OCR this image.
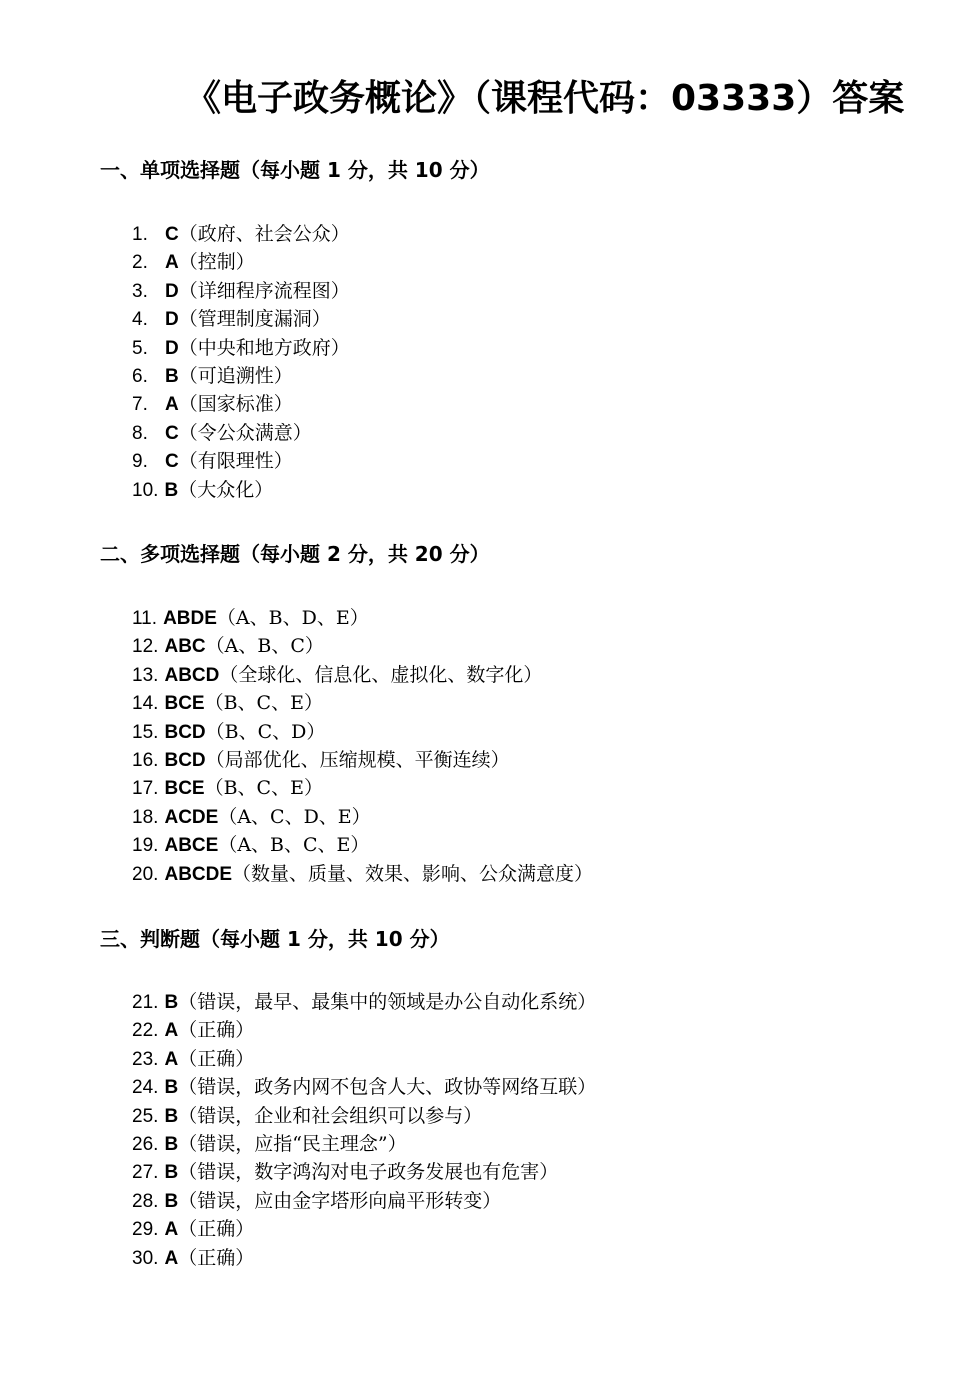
《电子政务概论》（课程代码：03333）答案
一、单项选择题（每小题 1 分，共 10 分）
1. C（政府、社会公众）
2. A（控制）
3. D（详细程序流程图）
4. D（管理制度漏洞）
5. D（中央和地方政府）
6. B（可追溯性）
7. A（国家标准）
8. C（令公众满意）
9. C（有限理性）
10. B（大众化）
二、多项选择题（每小题 2 分，共 20 分）
11. ABDE（A、B、D、E）
12. ABC（A、B、C）
13. ABCD（全球化、信息化、虚拟化、数字化）
14. BCE（B、C、E）
15. BCD（B、C、D）
16. BCD（局部优化、压缩规模、平衡连续）
17. BCE（B、C、E）
18. ACDE（A、C、D、E）
19. ABCE（A、B、C、E）
20. ABCDE（数量、质量、效果、影响、公众满意度）
三、判断题（每小题 1 分，共 10 分）
21. B（错误，最早、最集中的领域是办公自动化系统）
22. A（正确）
23. A（正确）
24. B（错误，政务内网不包含人大、政协等网络互联）
25. B（错误，企业和社会组织可以参与）
26. B（错误，应指“民主理念”）
27. B（错误，数字鸿沟对电子政务发展也有危害）
28. B（错误，应由金字塔形向扁平形转变）
29. A（正确）
30. A（正确）
